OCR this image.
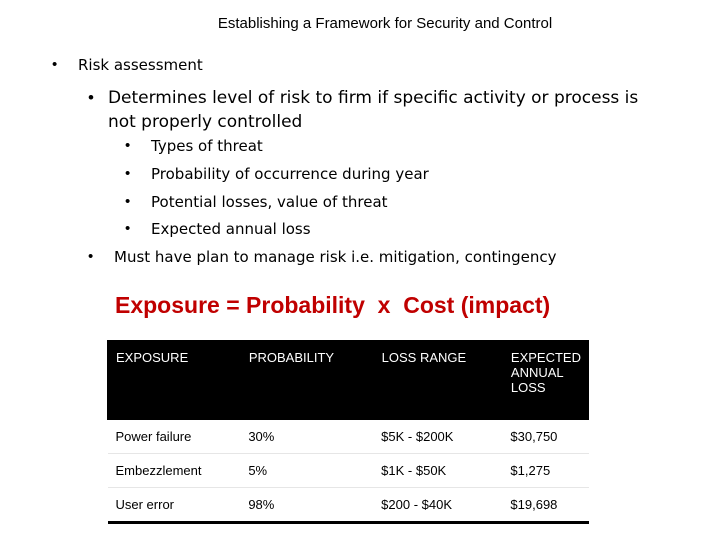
Establishing a Framework for Security and Control
•	Risk assessment
• Determines level of risk to firm if specific activity or process is not properly controlled
•	Types of threat
•	Probability of occurrence during year
•	Potential losses, value of threat
•	Expected annual loss
•	Must have plan to manage risk i.e. mitigation, contingency
Exposure = Probability  x  Cost (impact)
EXPOSURE	PROBABILITY	LOSS RANGE	EXPECTED ANNUAL LOSS
Power failure	30%	$5K - $200K	$30,750
Embezzlement	5%	$1K - $50K	$1,275
User error	98%	$200 - $40K	$19,698
